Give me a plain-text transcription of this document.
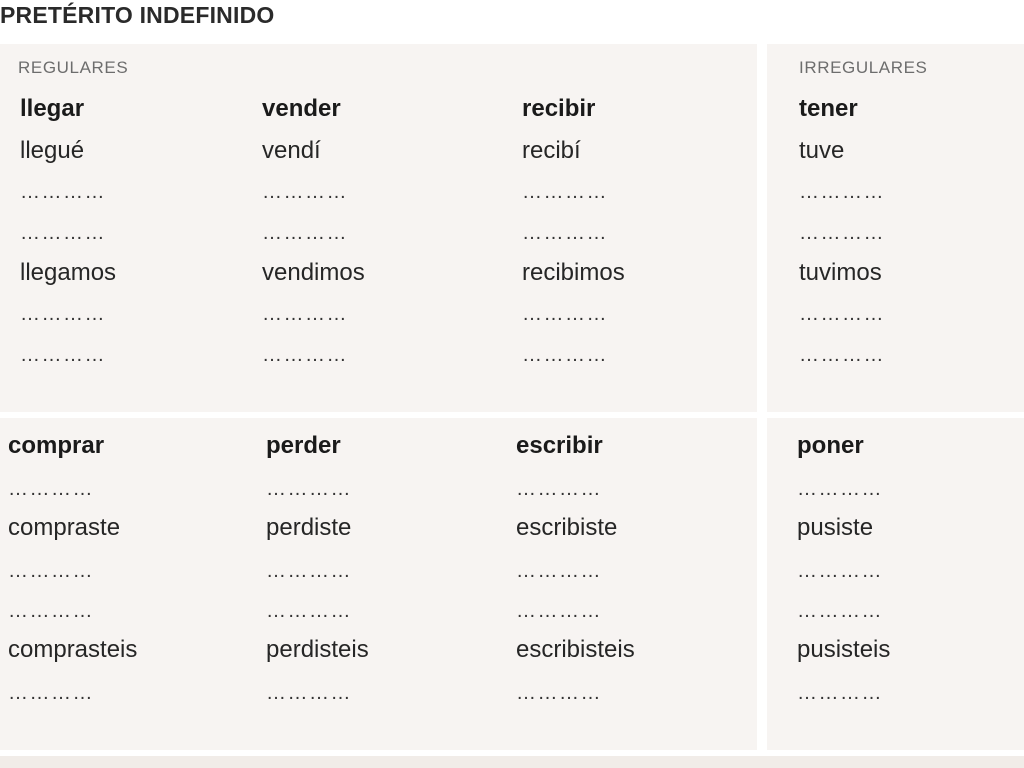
PRETÉRITO INDEFINIDO
REGULARES	IRREGULARES
llegar
llegué
…………
…………
llegamos
…………
…………
vender
vendí
…………
…………
vendimos
…………
…………
recibir
recibí
…………
…………
recibimos
…………
…………
tener
tuve
…………
…………
tuvimos
…………
…………
comprar
…………
compraste
…………
…………
comprasteis
…………
perder
…………
perdiste
…………
…………
perdisteis
…………
escribir
…………
escribiste
…………
…………
escribisteis
…………
poner
…………
pusiste
…………
…………
pusisteis
…………
